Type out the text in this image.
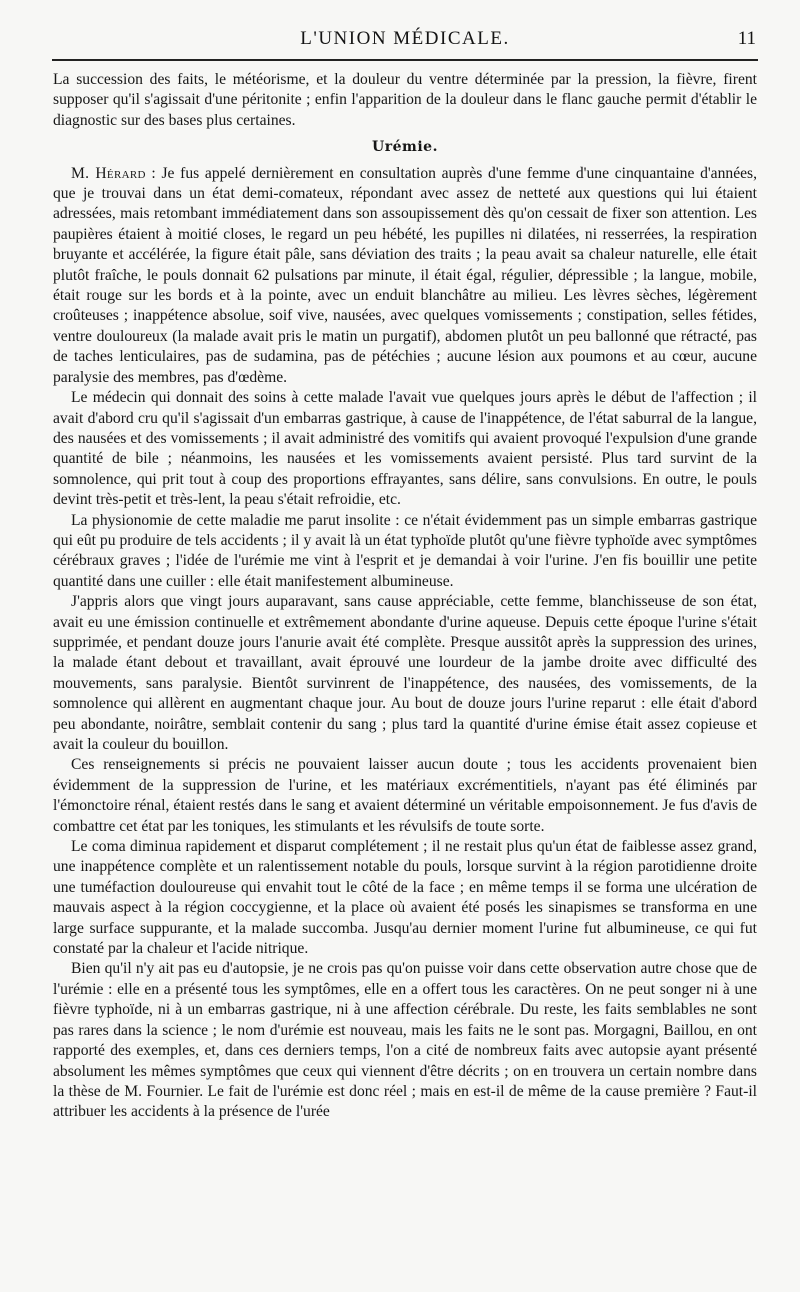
L'UNION MÉDICALE.	11

La succession des faits, le météorisme, et la douleur du ventre déterminée par la pression, la fièvre, firent supposer qu'il s'agissait d'une péritonite ; enfin l'apparition de la douleur dans le flanc gauche permit d'établir le diagnostic sur des bases plus certaines.

Urémie.

M. Hérard : Je fus appelé dernièrement en consultation auprès d'une femme d'une cinquantaine d'années, que je trouvai dans un état demi-comateux, répondant avec assez de netteté aux questions qui lui étaient adressées, mais retombant immédiatement dans son assoupissement dès qu'on cessait de fixer son attention. Les paupières étaient à moitié closes, le regard un peu hébété, les pupilles ni dilatées, ni resserrées, la respiration bruyante et accélérée, la figure était pâle, sans déviation des traits ; la peau avait sa chaleur naturelle, elle était plutôt fraîche, le pouls donnait 62 pulsations par minute, il était égal, régulier, dépressible ; la langue, mobile, était rouge sur les bords et à la pointe, avec un enduit blanchâtre au milieu. Les lèvres sèches, légèrement croûteuses ; inappétence absolue, soif vive, nausées, avec quelques vomissements ; constipation, selles fétides, ventre douloureux (la malade avait pris le matin un purgatif), abdomen plutôt un peu ballonné que rétracté, pas de taches lenticulaires, pas de sudamina, pas de pétéchies ; aucune lésion aux poumons et au cœur, aucune paralysie des membres, pas d'œdème.

Le médecin qui donnait des soins à cette malade l'avait vue quelques jours après le début de l'affection ; il avait d'abord cru qu'il s'agissait d'un embarras gastrique, à cause de l'inappétence, de l'état saburral de la langue, des nausées et des vomissements ; il avait administré des vomitifs qui avaient provoqué l'expulsion d'une grande quantité de bile ; néanmoins, les nausées et les vomissements avaient persisté. Plus tard survint de la somnolence, qui prit tout à coup des proportions effrayantes, sans délire, sans convulsions. En outre, le pouls devint très-petit et très-lent, la peau s'était refroidie, etc.

La physionomie de cette maladie me parut insolite : ce n'était évidemment pas un simple embarras gastrique qui eût pu produire de tels accidents ; il y avait là un état typhoïde plutôt qu'une fièvre typhoïde avec symptômes cérébraux graves ; l'idée de l'urémie me vint à l'esprit et je demandai à voir l'urine. J'en fis bouillir une petite quantité dans une cuiller : elle était manifestement albumineuse.

J'appris alors que vingt jours auparavant, sans cause appréciable, cette femme, blanchisseuse de son état, avait eu une émission continuelle et extrêmement abondante d'urine aqueuse. Depuis cette époque l'urine s'était supprimée, et pendant douze jours l'anurie avait été complète. Presque aussitôt après la suppression des urines, la malade étant debout et travaillant, avait éprouvé une lourdeur de la jambe droite avec difficulté des mouvements, sans paralysie. Bientôt survinrent de l'inappétence, des nausées, des vomissements, de la somnolence qui allèrent en augmentant chaque jour. Au bout de douze jours l'urine reparut : elle était d'abord peu abondante, noirâtre, semblait contenir du sang ; plus tard la quantité d'urine émise était assez copieuse et avait la couleur du bouillon.

Ces renseignements si précis ne pouvaient laisser aucun doute ; tous les accidents provenaient bien évidemment de la suppression de l'urine, et les matériaux excrémentitiels, n'ayant pas été éliminés par l'émonctoire rénal, étaient restés dans le sang et avaient déterminé un véritable empoisonnement. Je fus d'avis de combattre cet état par les toniques, les stimulants et les révulsifs de toute sorte.

Le coma diminua rapidement et disparut complétement ; il ne restait plus qu'un état de faiblesse assez grand, une inappétence complète et un ralentissement notable du pouls, lorsque survint à la région parotidienne droite une tuméfaction douloureuse qui envahit tout le côté de la face ; en même temps il se forma une ulcération de mauvais aspect à la région coccygienne, et la place où avaient été posés les sinapismes se transforma en une large surface suppurante, et la malade succomba. Jusqu'au dernier moment l'urine fut albumineuse, ce qui fut constaté par la chaleur et l'acide nitrique.

Bien qu'il n'y ait pas eu d'autopsie, je ne crois pas qu'on puisse voir dans cette observation autre chose que de l'urémie : elle en a présenté tous les symptômes, elle en a offert tous les caractères. On ne peut songer ni à une fièvre typhoïde, ni à un embarras gastrique, ni à une affection cérébrale. Du reste, les faits semblables ne sont pas rares dans la science ; le nom d'urémie est nouveau, mais les faits ne le sont pas. Morgagni, Baillou, en ont rapporté des exemples, et, dans ces derniers temps, l'on a cité de nombreux faits avec autopsie ayant présenté absolument les mêmes symptômes que ceux qui viennent d'être décrits ; on en trouvera un certain nombre dans la thèse de M. Fournier. Le fait de l'urémie est donc réel ; mais en est-il de même de la cause première ? Faut-il attribuer les accidents à la présence de l'urée
